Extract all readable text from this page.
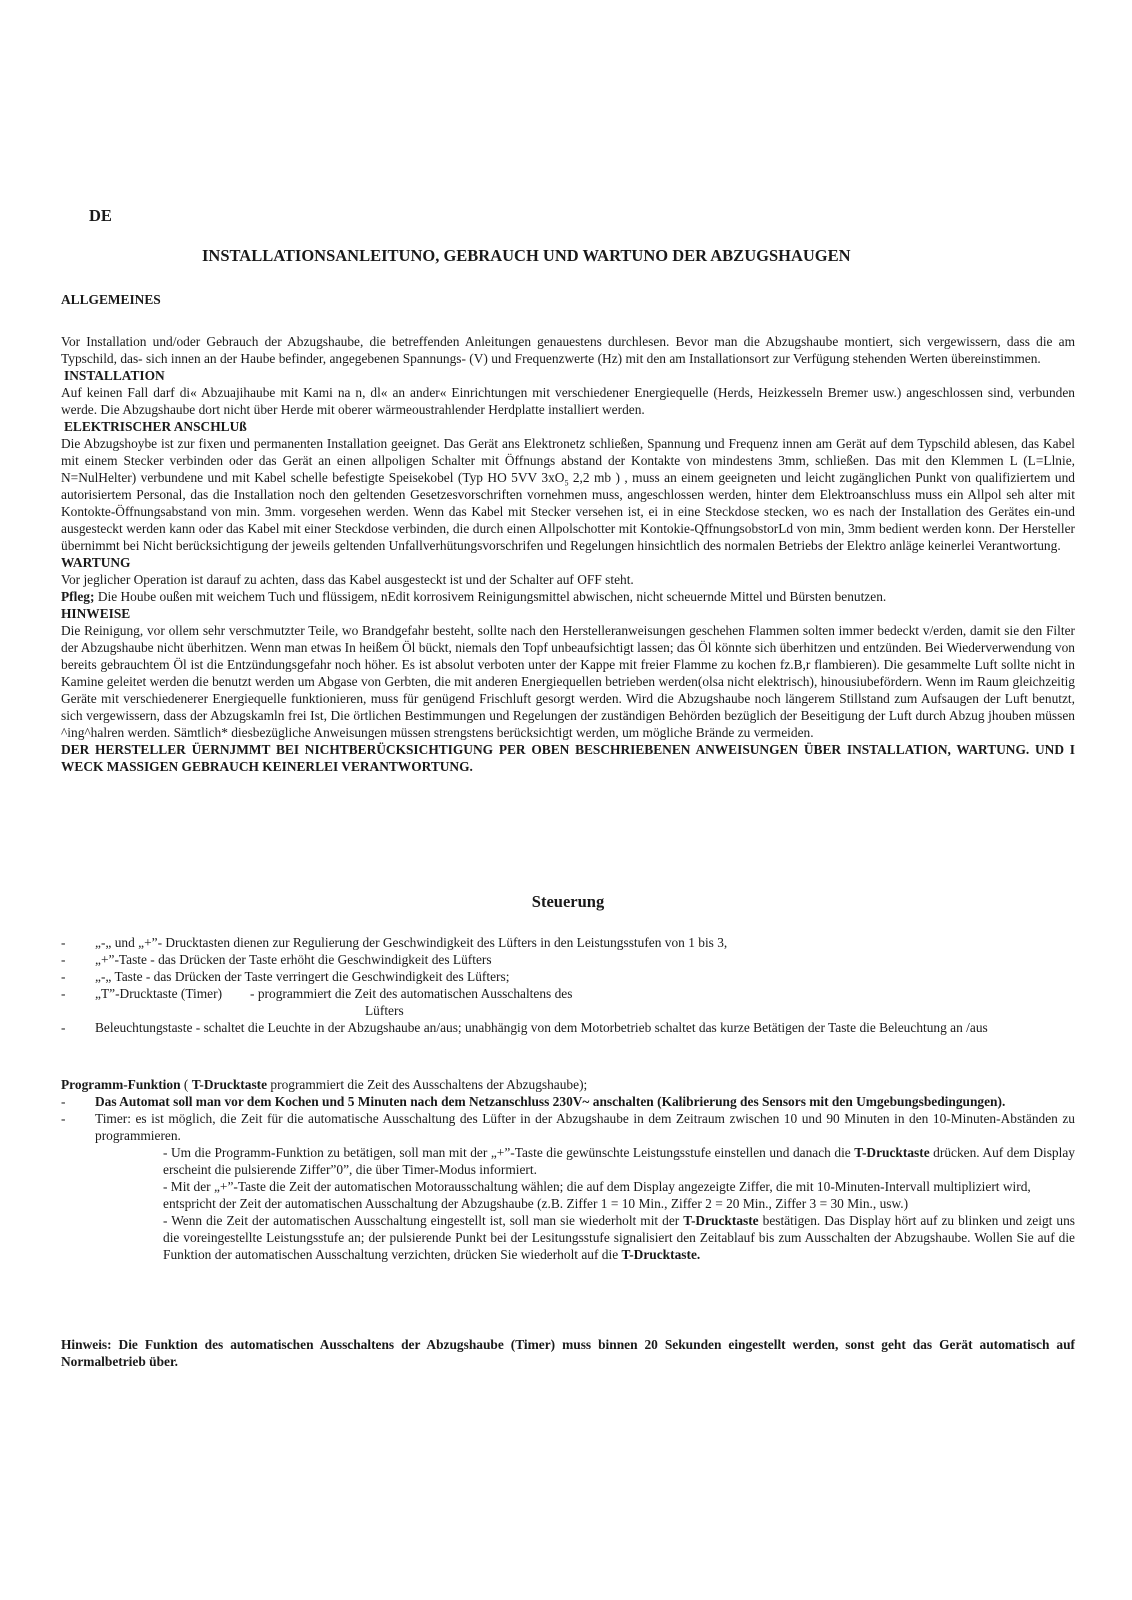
DE
INSTALLATIONSANLEITUNO, GEBRAUCH UND WARTUNO DER ABZUGSHAUGEN
ALLGEMEINES

Vor Installation und/oder Gebrauch der Abzugshaube, die betreffenden Anleitungen genauestens durchlesen. Bevor man die Abzugshaube montiert, sich vergewissern, dass die am Typschild, das- sich innen an der Haube befinder, angegebenen Spannungs- (V) und Frequenzwerte (Hz) mit den am Installationsort zur Verfügung stehenden Werten übereinstimmen.

INSTALLATION

Auf keinen Fall darf di« Abzuajihaube mit Kami na n, dl« an ander« Einrichtungen mit verschiedener Energiequelle (Herds, Heizkesseln Bremer usw.) angeschlossen sind, verbunden werde. Die Abzugshaube dort nicht über Herde mit oberer wärmeoustrahlender Herdplatte installiert werden.

ELEKTRISCHER ANSCHLUß

Die Abzugshoybe ist zur fixen und permanenten Installation geeignet. Das Gerät ans Elektronetz schließen, Spannung und Frequenz innen am Gerät auf dem Typschild ablesen, das Kabel mit einem Stecker verbinden oder das Gerät an einen allpoligen Schalter mit Öffnungs abstand der Kontakte von mindestens 3mm, schließen. Das mit den Klemmen L (L=Llnie, N=NulHelter) verbundene und mit Kabel schelle befestigte Speisekobel (Typ HO 5VV $3xO_5$ 2,2 mb ) , muss an einem geeigneten und leicht zugänglichen Punkt von qualifiziertem und autorisiertem Personal, das die Installation noch den geltenden Gesetzesvorschriften vornehmen muss, angeschlossen werden, hinter dem Elektroanschluss muss ein Allpol seh alter mit Kontokte-Öffnungsabstand von min. 3mm. vorgesehen werden. Wenn das Kabel mit Stecker versehen ist, ei in eine Steckdose stecken, wo es nach der Installation des Gerätes ein-und ausgesteckt werden kann oder das Kabel mit einer Steckdose verbinden, die durch einen Allpolschotter mit Kontokie-QffnungsobstorLd von min, 3mm bedient werden konn. Der Hersteller übernimmt bei Nicht berücksichtigung der jeweils geltenden Unfallverhütungsvorschrifen und Regelungen hinsichtlich des normalen Betriebs der Elektro anläge keinerlei Verantwortung.

WARTUNG

Vor jeglicher Operation ist darauf zu achten, dass das Kabel ausgesteckt ist und der Schalter auf OFF steht.

Pfleg; Die Hoube oußen mit weichem Tuch und flüssigem, nEdit korrosivem Reinigungsmittel abwischen, nicht scheuernde Mittel und Bürsten benutzen.

HINWEISE

Die Reinigung, vor ollem sehr verschmutzter Teile, wo Brandgefahr besteht, sollte nach den Herstelleranweisungen geschehen Flammen solten immer bedeckt v/erden, damit sie den Filter der Abzugshaube nicht überhitzen. Wenn man etwas In heißem Öl bückt, niemals den Topf unbeaufsichtigt lassen; das Öl könnte sich überhitzen und entzünden. Bei Wiederverwendung von bereits gebrauchtem Öl ist die Entzündungsgefahr noch höher. Es ist absolut verboten unter der Kappe mit freier Flamme zu kochen fz.B,r flambieren). Die gesammelte Luft sollte nicht in Kamine geleitet werden die benutzt werden um Abgase von Gerbten, die mit anderen Energiequellen betrieben werden(olsa nicht elektrisch), hinousiubefördern. Wenn im Raum gleichzeitig Geräte mit verschiedenerer Energiequelle funktionieren, muss für genügend Frischluft gesorgt werden. Wird die Abzugshaube noch längerem Stillstand zum Aufsaugen der Luft benutzt, sich vergewissern, dass der Abzugskamln frei Ist, Die örtlichen Bestimmungen und Regelungen der zuständigen Behörden bezüglich der Beseitigung der Luft durch Abzug jhouben müssen ^ing^halren werden. Sämtlich* diesbezügliche Anweisungen müssen strengstens berücksichtigt werden, um mögliche Brände zu vermeiden.

DER HERSTELLER ÜERNJMMT BEI NICHTBERÜCKSICHTIGUNG PER OBEN BESCHRIEBENEN ANWEISUNGEN ÜBER INSTALLATION, WARTUNG. UND I WECK MASSIGEN GEBRAUCH KEINERLEI VERANTWORTUNG.

Steuerung
-	„-„ und „+”- Drucktasten dienen zur Regulierung der Geschwindigkeit des Lüfters in den Leistungsstufen von 1 bis 3,
-	„+”-Taste - das Drücken der Taste erhöht die Geschwindigkeit des Lüfters
-	„-„ Taste - das Drücken der Taste verringert die Geschwindigkeit des Lüfters;
-	„T”-Drucktaste (Timer) - programmiert die Zeit des automatischen Ausschaltens des
Lüfters
-	Beleuchtungstaste - schaltet die Leuchte in der Abzugshaube an/aus; unabhängig von dem Motorbetrieb schaltet das kurze Betätigen der Taste die Beleuchtung an /aus

Programm-Funktion ( T-Drucktaste programmiert die Zeit des Ausschaltens der Abzugshaube);

-	Das Automat soll man vor dem Kochen und 5 Minuten nach dem Netzanschluss 230V~ anschalten (Kalibrierung des Sensors mit den Umgebungsbedingungen).
-	Timer: es ist möglich, die Zeit für die automatische Ausschaltung des Lüfter in der Abzugshaube in dem Zeitraum zwischen 10 und 90 Minuten in den 10-Minuten-Abständen zu programmieren.

- Um die Programm-Funktion zu betätigen, soll man mit der „+”-Taste die gewünschte Leistungsstufe einstellen und danach die T-Drucktaste drücken. Auf dem Display erscheint die pulsierende Ziffer”0”, die über Timer-Modus informiert.

- Mit der „+”-Taste die Zeit der automatischen Motorausschaltung wählen; die auf dem Display angezeigte Ziffer, die mit 10-Minuten-Intervall multipliziert wird,

entspricht der Zeit der automatischen Ausschaltung der Abzugshaube (z.B. Ziffer 1 = 10 Min., Ziffer 2 = 20 Min., Ziffer 3 = 30 Min., usw.)

- Wenn die Zeit der automatischen Ausschaltung eingestellt ist, soll man sie wiederholt mit der T-Drucktaste bestätigen. Das Display hört auf zu blinken und zeigt uns die voreingestellte Leistungsstufe an; der pulsierende Punkt bei der Lesitungsstufe signalisiert den Zeitablauf bis zum Ausschalten der Abzugshaube. Wollen Sie auf die Funktion der automatischen Ausschaltung verzichten, drücken Sie wiederholt auf die T-Drucktaste.

Hinweis: Die Funktion des automatischen Ausschaltens der Abzugshaube (Timer) muss binnen 20 Sekunden eingestellt werden, sonst geht das Gerät automatisch auf Normalbetrieb über.
